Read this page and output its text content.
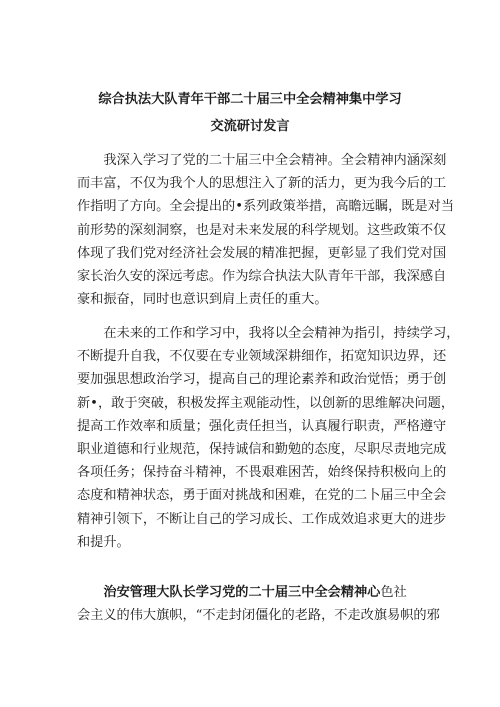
综合执法大队青年干部二十届三中全会精神集中学习
交流研讨发言
我深入学习了党的二十届三中全会精神。全会精神内涵深刻
而丰富，不仅为我个人的思想注入了新的活力，更为我今后的工
作指明了方向。全会提出的•系列政策举措，高瞻远瞩，既是对当
前形势的深刻洞察，也是对未来发展的科学规划。这些政策不仅
体现了我们党对经济社会发展的精准把握，更彰显了我们党对国
家长治久安的深远考虑。作为综合执法大队青年干部，我深感自
豪和振奋，同时也意识到肩上责任的重大。
在未来的工作和学习中，我将以全会精神为指引，持续学习，
不断提升自我，不仅要在专业领域深耕细作，拓宽知识边界，还
要加强思想政治学习，提高自己的理论素养和政治觉悟；勇于创
新•，敢于突破，积极发挥主观能动性，以创新的思维解决问题，
提高工作效率和质量；强化责任担当，认真履行职责，严格遵守
职业道德和行业规范，保持诚信和勤勉的态度，尽职尽责地完成
各项任务；保持奋斗精神，不畏艰难困苦，始终保持积极向上的
态度和精神状态，勇于面对挑战和困难，在党的二卜届三中全会
精神引领下，不断让自己的学习成长、工作成效追求更大的进步
和提升。
治安管理大队长学习党的二十届三中全会精神心色社
会主义的伟大旗帜，“不走封闭僵化的老路，不走改旗易帜的邪
